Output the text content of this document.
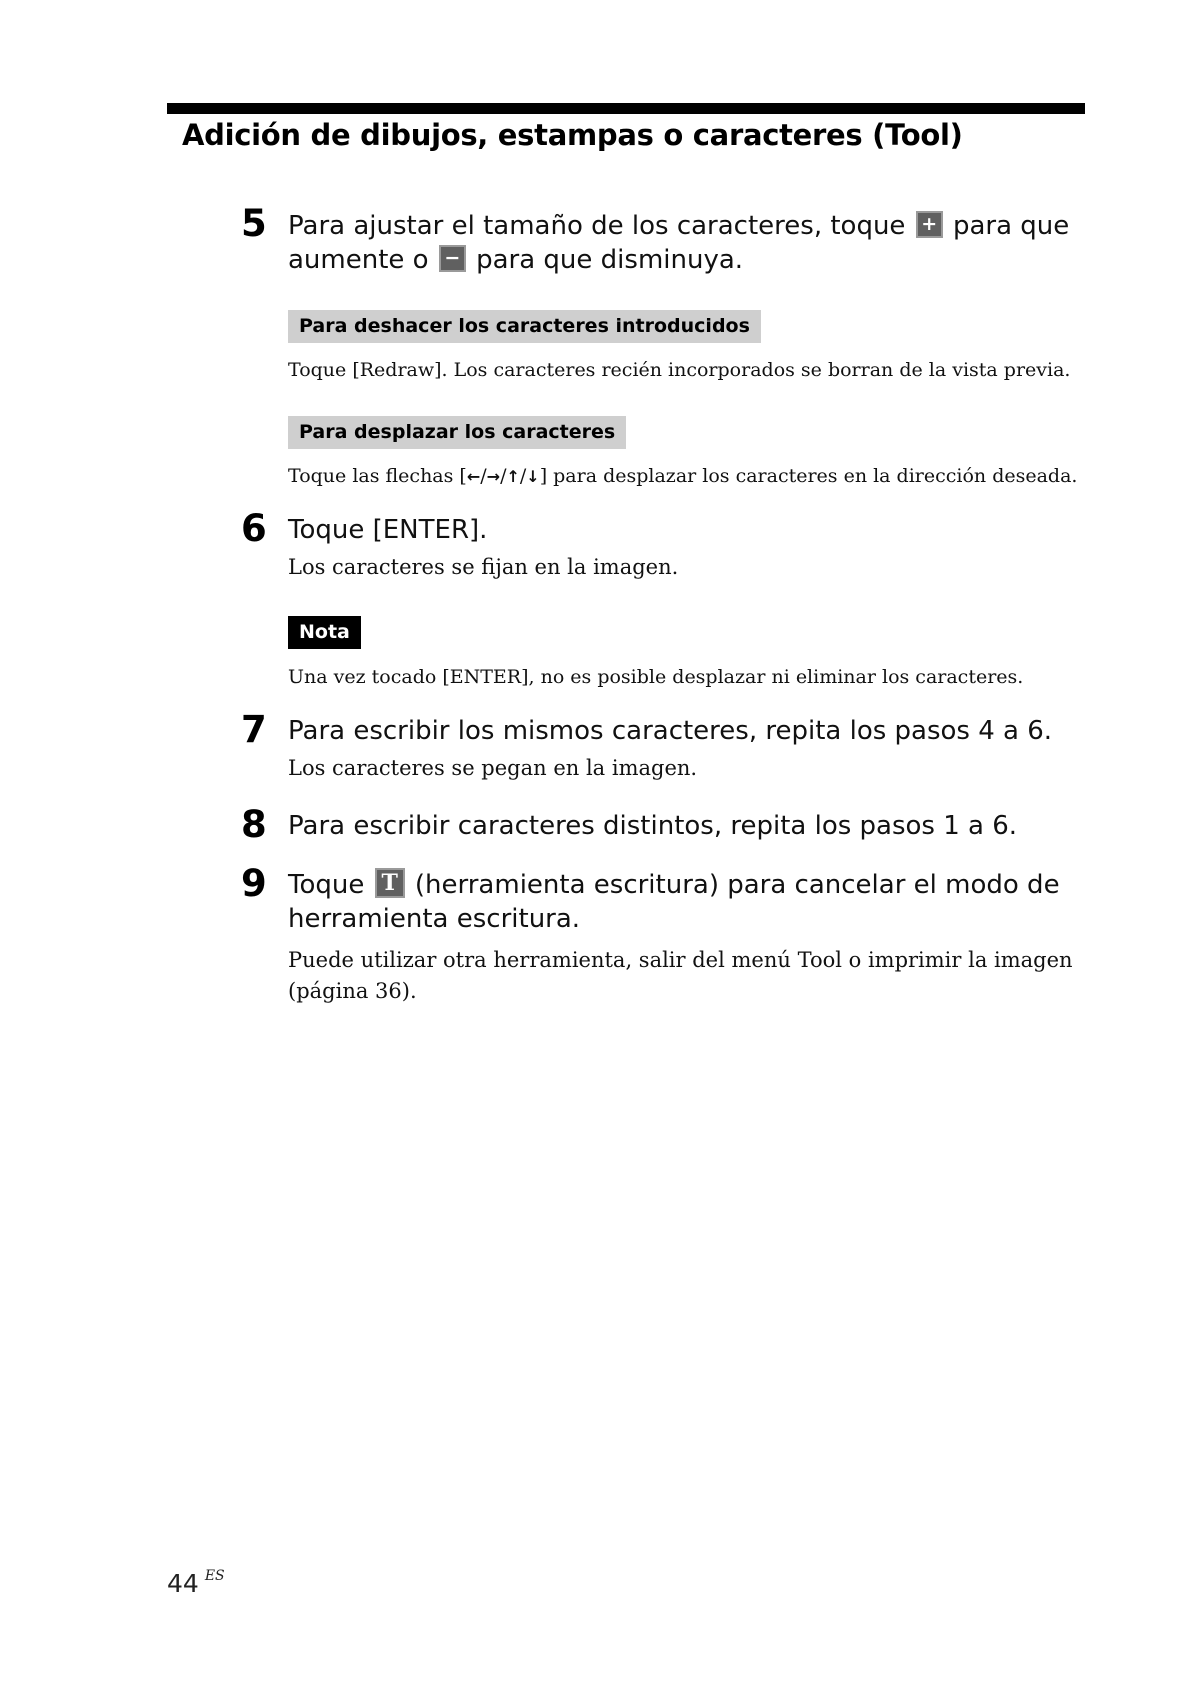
Adición de dibujos, estampas o caracteres (Tool)
5 Para ajustar el tamaño de los caracteres, toque + para que aumente o − para que disminuya.
Para deshacer los caracteres introducidos
Toque [Redraw]. Los caracteres recién incorporados se borran de la vista previa.
Para desplazar los caracteres
Toque las flechas [←/→/↑/↓] para desplazar los caracteres en la dirección deseada.
6 Toque [ENTER].
Los caracteres se fijan en la imagen.
Nota
Una vez tocado [ENTER], no es posible desplazar ni eliminar los caracteres.
7 Para escribir los mismos caracteres, repita los pasos 4 a 6.
Los caracteres se pegan en la imagen.
8 Para escribir caracteres distintos, repita los pasos 1 a 6.
9 Toque T (herramienta escritura) para cancelar el modo de herramienta escritura.
Puede utilizar otra herramienta, salir del menú Tool o imprimir la imagen (página 36).
44 $^{ES}$
